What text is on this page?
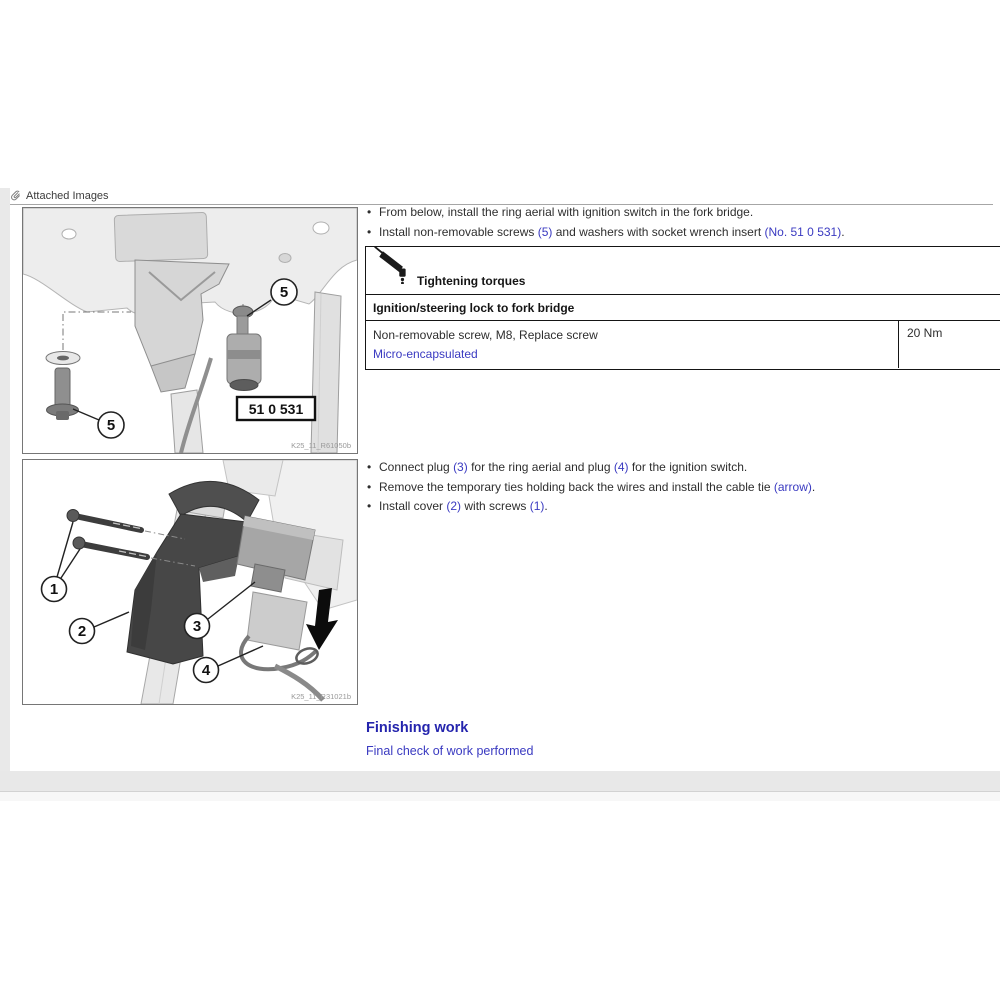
Attached Images
51 0 531
5
5
K25_11_R61050b
1
2	3
4
K25_11_R31021b
• From below, install the ring aerial with ignition switch in the fork bridge.
• Install non-removable screws (5) and washers with socket wrench insert (No. 51 0 531).
Tightening torques
Ignition/steering lock to fork bridge
Non-removable screw, M8, Replace screw
Micro-encapsulated
20 Nm
• Connect plug (3) for the ring aerial and plug (4) for the ignition switch.
• Remove the temporary ties holding back the wires and install the cable tie (arrow).
• Install cover (2) with screws (1).
Finishing work
Final check of work performed
